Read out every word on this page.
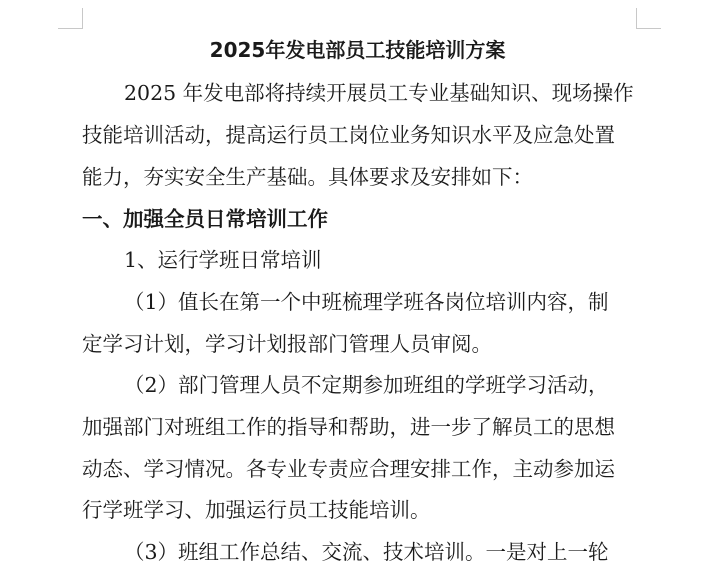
2025年发电部员工技能培训方案
2025 年发电部将持续开展员工专业基础知识、现场操作
技能培训活动，提高运行员工岗位业务知识水平及应急处置
能力，夯实安全生产基础。具体要求及安排如下：
一、加强全员日常培训工作
1、运行学班日常培训
（1）值长在第一个中班梳理学班各岗位培训内容，制
定学习计划，学习计划报部门管理人员审阅。
（2）部门管理人员不定期参加班组的学班学习活动，
加强部门对班组工作的指导和帮助，进一步了解员工的思想
动态、学习情况。各专业专责应合理安排工作，主动参加运
行学班学习、加强运行员工技能培训。
（3）班组工作总结、交流、技术培训。一是对上一轮
